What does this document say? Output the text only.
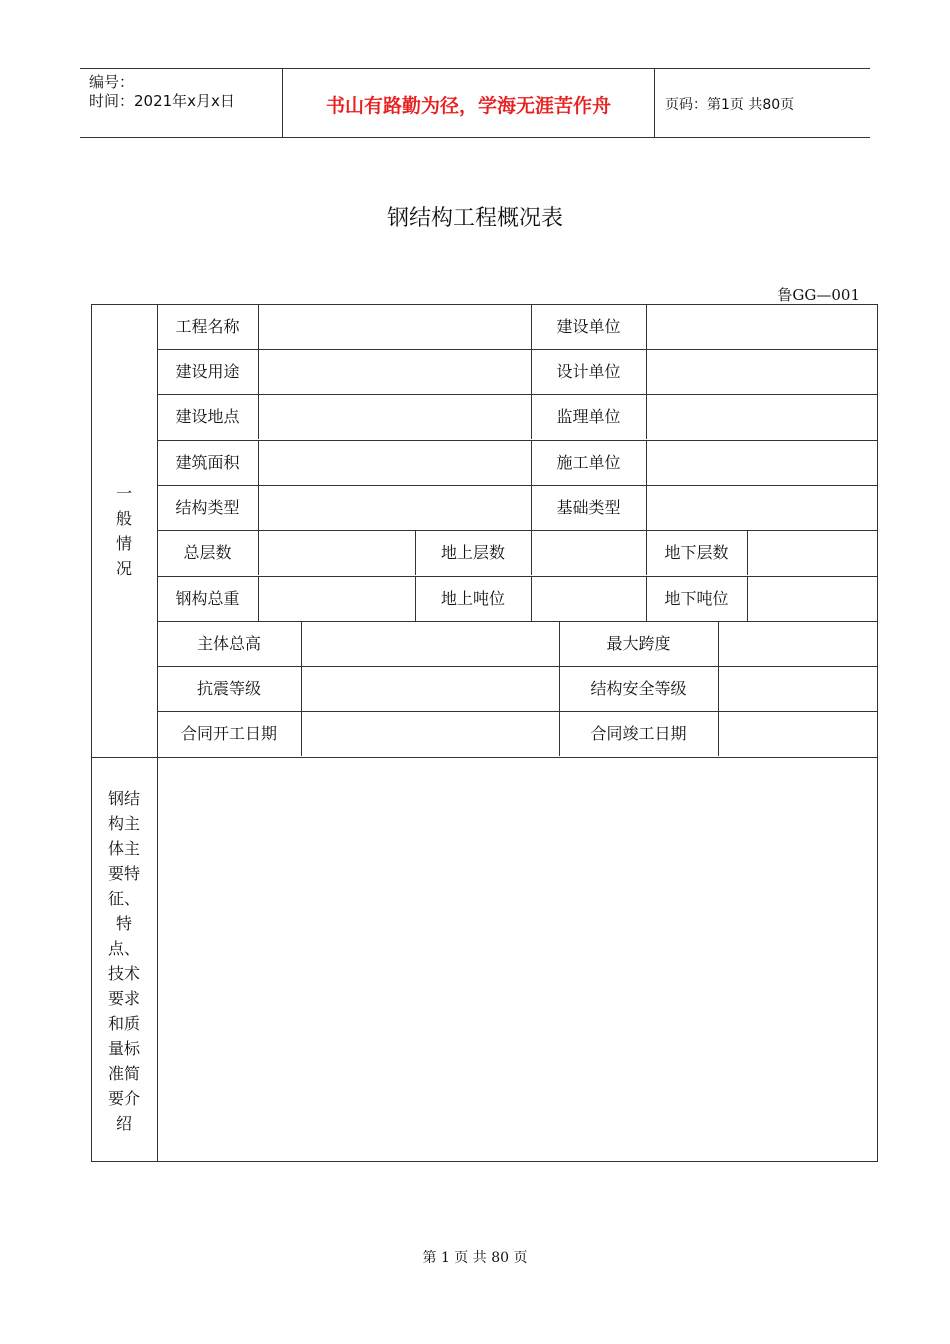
编号：
时间：2021年x月x日	书山有路勤为径，学海无涯苦作舟	页码：第1页 共80页
钢结构工程概况表
鲁GG—001
工程名称	建设单位
建设用途	设计单位
建设地点	监理单位
建筑面积	施工单位
结构类型	基础类型
总层数	地上层数	地下层数
钢构总重	地上吨位	地下吨位
主体总高	最大跨度
抗震等级	结构安全等级
合同开工日期	合同竣工日期
一
般
情
况
钢结
构主
体主
要特
征、
特
点、
技术
要求
和质
量标
准简
要介
绍
第 1 页 共 80 页
